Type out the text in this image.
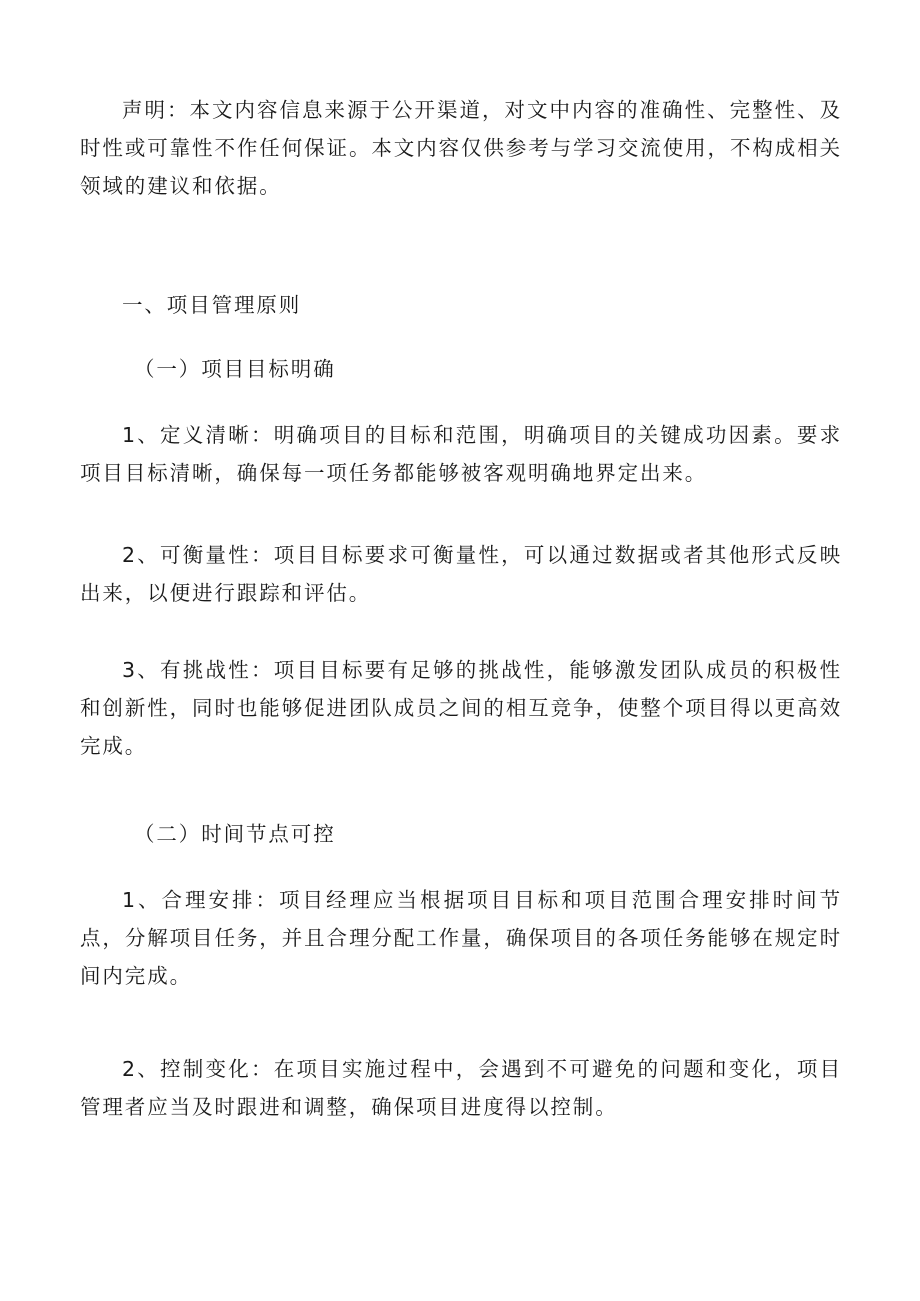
声明：本文内容信息来源于公开渠道，对文中内容的准确性、完整性、及时性或可靠性不作任何保证。本文内容仅供参考与学习交流使用，不构成相关领域的建议和依据。

一、项目管理原则

（一）项目目标明确

1、定义清晰：明确项目的目标和范围，明确项目的关键成功因素。要求项目目标清晰，确保每一项任务都能够被客观明确地界定出来。

2、可衡量性：项目目标要求可衡量性，可以通过数据或者其他形式反映出来，以便进行跟踪和评估。

3、有挑战性：项目目标要有足够的挑战性，能够激发团队成员的积极性和创新性，同时也能够促进团队成员之间的相互竞争，使整个项目得以更高效完成。

（二）时间节点可控

1、合理安排：项目经理应当根据项目目标和项目范围合理安排时间节点，分解项目任务，并且合理分配工作量，确保项目的各项任务能够在规定时间内完成。

2、控制变化：在项目实施过程中，会遇到不可避免的问题和变化，项目管理者应当及时跟进和调整，确保项目进度得以控制。
